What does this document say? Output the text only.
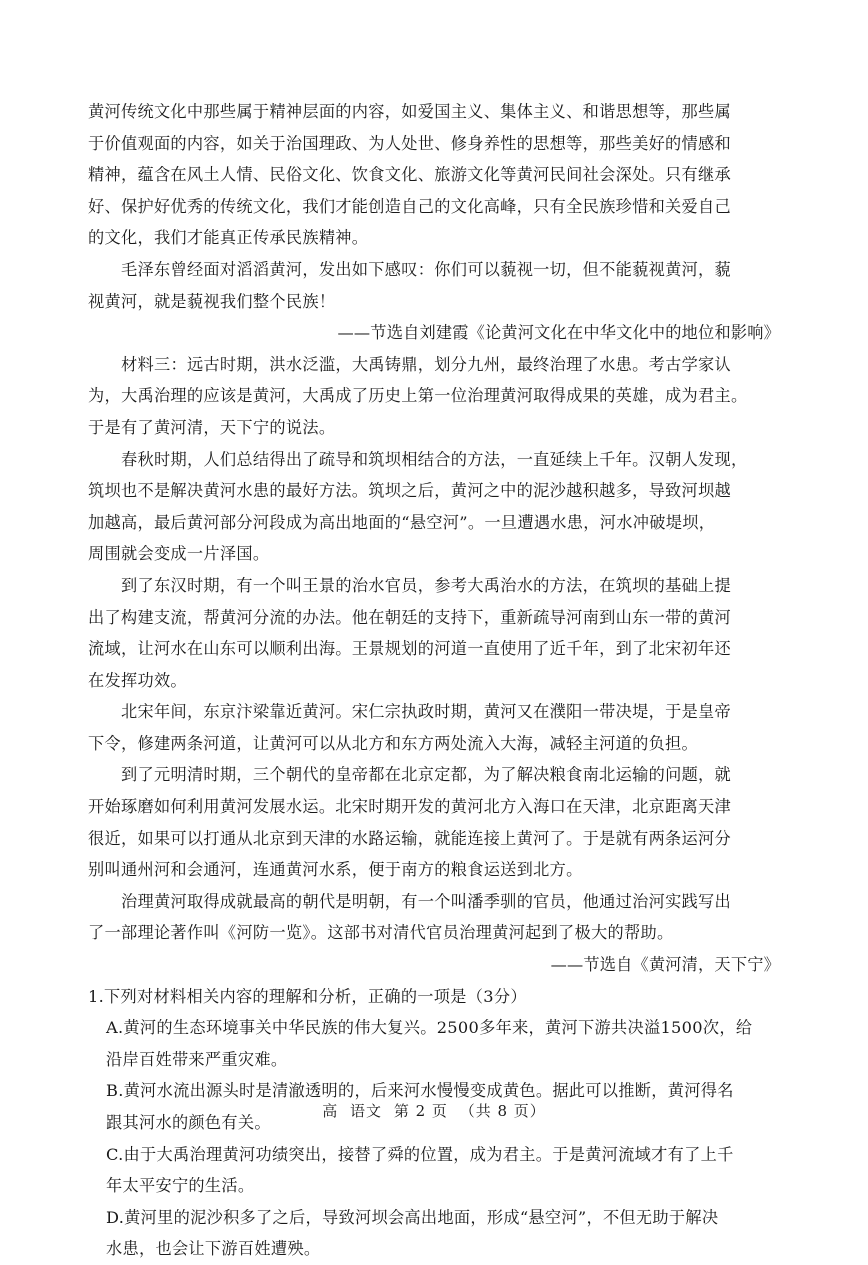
黄河传统文化中那些属于精神层面的内容，如爱国主义、集体主义、和谐思想等，那些属
于价值观面的内容，如关于治国理政、为人处世、修身养性的思想等，那些美好的情感和
精神，蕴含在风土人情、民俗文化、饮食文化、旅游文化等黄河民间社会深处。只有继承
好、保护好优秀的传统文化，我们才能创造自己的文化高峰，只有全民族珍惜和关爱自己
的文化，我们才能真正传承民族精神。
毛泽东曾经面对滔滔黄河，发出如下感叹：你们可以藐视一切，但不能藐视黄河，藐
视黄河，就是藐视我们整个民族！
——节选自刘建霞《论黄河文化在中华文化中的地位和影响》
材料三：远古时期，洪水泛滥，大禹铸鼎，划分九州，最终治理了水患。考古学家认
为，大禹治理的应该是黄河，大禹成了历史上第一位治理黄河取得成果的英雄，成为君主。
于是有了黄河清，天下宁的说法。
春秋时期，人们总结得出了疏导和筑坝相结合的方法，一直延续上千年。汉朝人发现，
筑坝也不是解决黄河水患的最好方法。筑坝之后，黄河之中的泥沙越积越多，导致河坝越
加越高，最后黄河部分河段成为高出地面的“悬空河”。一旦遭遇水患，河水冲破堤坝，
周围就会变成一片泽国。
到了东汉时期，有一个叫王景的治水官员，参考大禹治水的方法，在筑坝的基础上提
出了构建支流，帮黄河分流的办法。他在朝廷的支持下，重新疏导河南到山东一带的黄河
流域，让河水在山东可以顺利出海。王景规划的河道一直使用了近千年，到了北宋初年还
在发挥功效。
北宋年间，东京汴梁靠近黄河。宋仁宗执政时期，黄河又在濮阳一带决堤，于是皇帝
下令，修建两条河道，让黄河可以从北方和东方两处流入大海，减轻主河道的负担。
到了元明清时期，三个朝代的皇帝都在北京定都，为了解决粮食南北运输的问题，就
开始琢磨如何利用黄河发展水运。北宋时期开发的黄河北方入海口在天津，北京距离天津
很近，如果可以打通从北京到天津的水路运输，就能连接上黄河了。于是就有两条运河分
别叫通州河和会通河，连通黄河水系，便于南方的粮食运送到北方。
治理黄河取得成就最高的朝代是明朝，有一个叫潘季驯的官员，他通过治河实践写出
了一部理论著作叫《河防一览》。这部书对清代官员治理黄河起到了极大的帮助。
——节选自《黄河清，天下宁》
1.下列对材料相关内容的理解和分析，正确的一项是（3分）
A.黄河的生态环境事关中华民族的伟大复兴。2500多年来，黄河下游共决溢1500次，给
沿岸百姓带来严重灾难。
B.黄河水流出源头时是清澈透明的，后来河水慢慢变成黄色。据此可以推断，黄河得名
跟其河水的颜色有关。
C.由于大禹治理黄河功绩突出，接替了舜的位置，成为君主。于是黄河流域才有了上千
年太平安宁的生活。
D.黄河里的泥沙积多了之后，导致河坝会高出地面，形成“悬空河”，不但无助于解决
水患，也会让下游百姓遭殃。
高 语文 第 2 页 （共 8 页）
